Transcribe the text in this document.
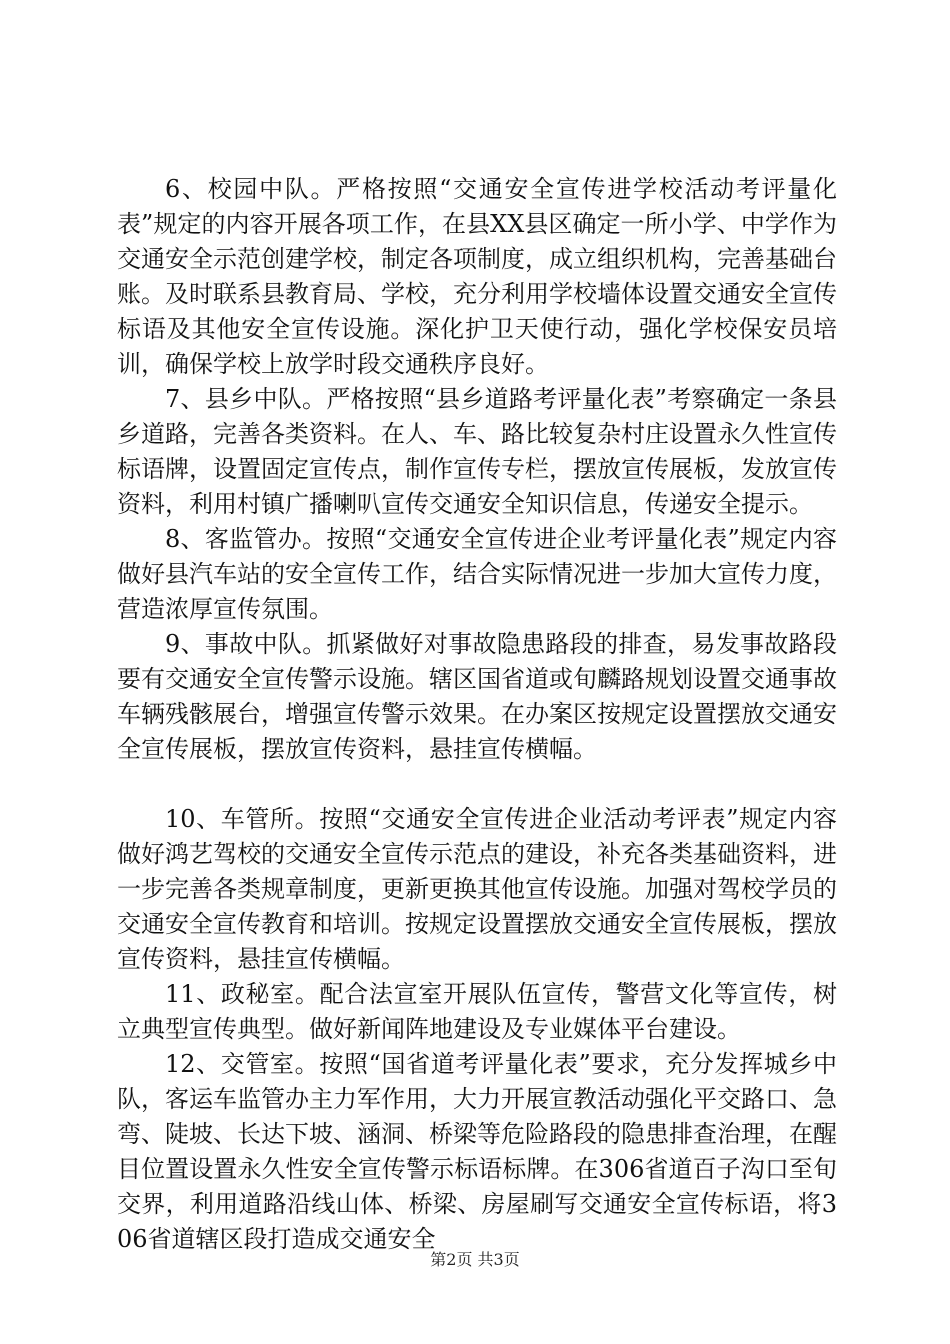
6、校园中队。严格按照“交通安全宣传进学校活动考评量化表”规定的内容开展各项工作，在县XX县区确定一所小学、中学作为交通安全示范创建学校，制定各项制度，成立组织机构，完善基础台账。及时联系县教育局、学校，充分利用学校墙体设置交通安全宣传标语及其他安全宣传设施。深化护卫天使行动，强化学校保安员培训，确保学校上放学时段交通秩序良好。

7、县乡中队。严格按照“县乡道路考评量化表”考察确定一条县乡道路，完善各类资料。在人、车、路比较复杂村庄设置永久性宣传标语牌，设置固定宣传点，制作宣传专栏，摆放宣传展板，发放宣传资料，利用村镇广播喇叭宣传交通安全知识信息，传递安全提示。

8、客监管办。按照“交通安全宣传进企业考评量化表”规定内容做好县汽车站的安全宣传工作，结合实际情况进一步加大宣传力度，营造浓厚宣传氛围。

9、事故中队。抓紧做好对事故隐患路段的排查，易发事故路段要有交通安全宣传警示设施。辖区国省道或旬麟路规划设置交通事故车辆残骸展台，增强宣传警示效果。在办案区按规定设置摆放交通安全宣传展板，摆放宣传资料，悬挂宣传横幅。

10、车管所。按照“交通安全宣传进企业活动考评表”规定内容做好鸿艺驾校的交通安全宣传示范点的建设，补充各类基础资料，进一步完善各类规章制度，更新更换其他宣传设施。加强对驾校学员的交通安全宣传教育和培训。按规定设置摆放交通安全宣传展板，摆放宣传资料，悬挂宣传横幅。

11、政秘室。配合法宣室开展队伍宣传，警营文化等宣传，树立典型宣传典型。做好新闻阵地建设及专业媒体平台建设。

12、交管室。按照“国省道考评量化表”要求，充分发挥城乡中队，客运车监管办主力军作用，大力开展宣教活动强化平交路口、急弯、陡坡、长达下坡、涵洞、桥梁等危险路段的隐患排查治理，在醒目位置设置永久性安全宣传警示标语标牌。在306省道百子沟口至旬交界，利用道路沿线山体、桥梁、房屋刷写交通安全宣传标语，将306省道辖区段打造成交通安全

第2页 共3页
